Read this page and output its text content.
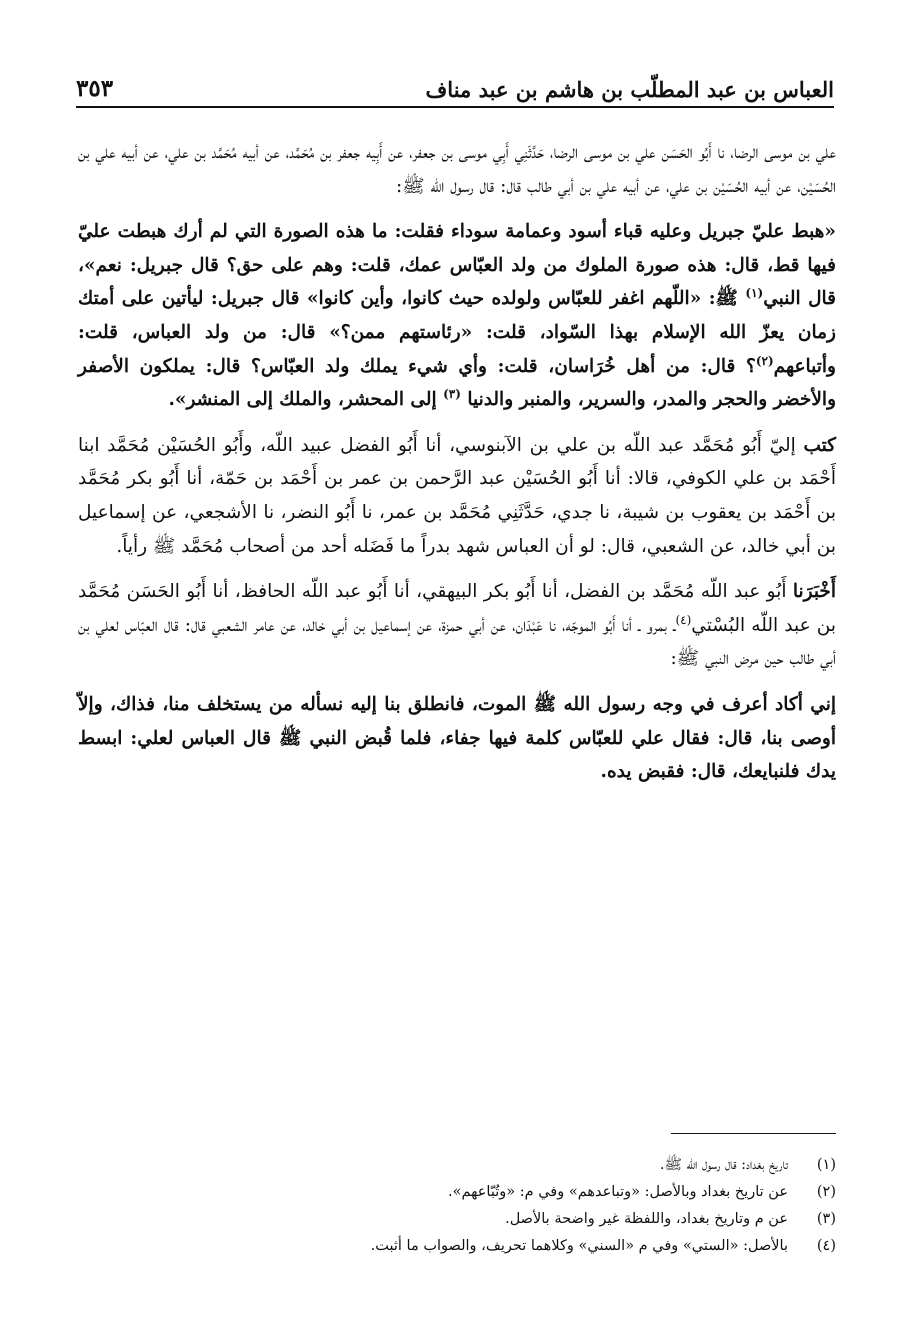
العباس بن عبد المطلّب بن هاشم بن عبد مناف
٣٥٣

علي بن موسى الرضا، نا أَبُو الحَسَن علي بن موسى الرضا، حَدَّثَنِي أَبِي موسى بن جعفر، عن أَبِيه جعفر بن مُحَمَّد، عن أبيه مُحَمَّد بن علي، عن أبيه علي بن الحُسَيْن، عن أبيه الحُسَيْن بن علي، عن أبيه علي بن أبي طالب قال: قال رسول الله ﷺ:

«هبط عليّ جبريل وعليه قباء أسود وعمامة سوداء فقلت: ما هذه الصورة التي لم أرك هبطت عليّ فيها قط، قال: هذه صورة الملوك من ولد العبّاس عمك، قلت: وهم على حق؟ قال جبريل: نعم»، قال النبي$^{(١)}$ ﷺ: «اللّهم اغفر للعبّاس ولولده حيث كانوا، وأين كانوا» قال جبريل: ليأتين على أمتك زمان يعزّ الله الإسلام بهذا السّواد، قلت: «رئاستهم ممن؟» قال: من ولد العباس، قلت: وأتباعهم$^{(٢)}$؟ قال: من أهل خُرَاسان، قلت: وأي شيء يملك ولد العبّاس؟ قال: يملكون الأصفر والأخضر والحجر والمدر، والسرير، والمنبر والدنيا $^{(٣)}$ إلى المحشر، والملك إلى المنشر».

كتب إليّ أَبُو مُحَمَّد عبد اللّه بن علي بن الآبنوسي، أنا أَبُو الفضل عبيد اللّه، وأَبُو الحُسَيْن مُحَمَّد ابنا أَحْمَد بن علي الكوفي، قالا: أنا أَبُو الحُسَيْن عبد الرَّحمن بن عمر بن أَحْمَد بن حَمّة، أنا أَبُو بكر مُحَمَّد بن أَحْمَد بن يعقوب بن شيبة، نا جدي، حَدَّثَنِي مُحَمَّد بن عمر، نا أَبُو النضر، نا الأشجعي، عن إسماعيل بن أبي خالد، عن الشعبي، قال: لو أن العباس شهد بدراً ما فَضَله أحد من أصحاب مُحَمَّد ﷺ رأياً.

أَخْبَرَنا أَبُو عبد اللّه مُحَمَّد بن الفضل، أنا أَبُو بكر البيهقي، أنا أَبُو عبد اللّه الحافظ، أنا أَبُو الحَسَن مُحَمَّد بن عبد اللّه البُسْتي$^{(٤)}$ـ بمرو ـ أنا أَبُو الموجّه، نا عَبْدَان، عن أبي حمزة، عن إسماعيل بن أبي خالد، عن عامر الشعبي قال: قال العبّاس لعلي بن أبي طالب حين مرض النبي ﷺ:

إني أكاد أعرف في وجه رسول الله ﷺ الموت، فانطلق بنا إليه نسأله من يستخلف منا، فذاك، وإلاّ أوصى بنا، قال: فقال علي للعبّاس كلمة فيها جفاء، فلما قُبض النبي ﷺ قال العباس لعلي: ابسط يدك فلنبايعك، قال: فقبض يده.

(١)
تاريخ بغداد: قال رسول الله ﷺ.
(٢)
عن تاريخ بغداد وبالأصل: «وتباعدهم» وفي م: «وتُبّاعهم».
(٣)
عن م وتاريخ بغداد، واللفظة غير واضحة بالأصل.
(٤)
بالأصل: «الستي» وفي م «السني» وكلاهما تحريف، والصواب ما أثبت.
